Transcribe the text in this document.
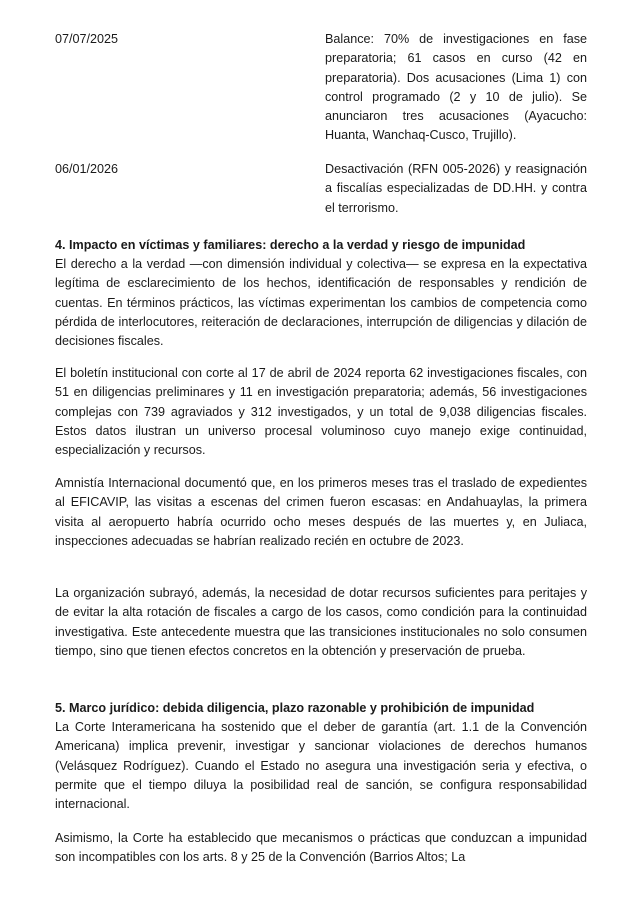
07/07/2025	Balance: 70% de investigaciones en fase preparatoria; 61 casos en curso (42 en preparatoria). Dos acusaciones (Lima 1) con control programado (2 y 10 de julio). Se anunciaron tres acusaciones (Ayacucho: Huanta, Wanchaq-Cusco, Trujillo).
06/01/2026	Desactivación (RFN 005-2026) y reasignación a fiscalías especializadas de DD.HH. y contra el terrorismo.
4. Impacto en víctimas y familiares: derecho a la verdad y riesgo de impunidad

El derecho a la verdad —con dimensión individual y colectiva— se expresa en la expectativa legítima de esclarecimiento de los hechos, identificación de responsables y rendición de cuentas. En términos prácticos, las víctimas experimentan los cambios de competencia como pérdida de interlocutores, reiteración de declaraciones, interrupción de diligencias y dilación de decisiones fiscales.

El boletín institucional con corte al 17 de abril de 2024 reporta 62 investigaciones fiscales, con 51 en diligencias preliminares y 11 en investigación preparatoria; además, 56 investigaciones complejas con 739 agraviados y 312 investigados, y un total de 9,038 diligencias fiscales. Estos datos ilustran un universo procesal voluminoso cuyo manejo exige continuidad, especialización y recursos.

Amnistía Internacional documentó que, en los primeros meses tras el traslado de expedientes al EFICAVIP, las visitas a escenas del crimen fueron escasas: en Andahuaylas, la primera visita al aeropuerto habría ocurrido ocho meses después de las muertes y, en Juliaca, inspecciones adecuadas se habrían realizado recién en octubre de 2023.

La organización subrayó, además, la necesidad de dotar recursos suficientes para peritajes y de evitar la alta rotación de fiscales a cargo de los casos, como condición para la continuidad investigativa. Este antecedente muestra que las transiciones institucionales no solo consumen tiempo, sino que tienen efectos concretos en la obtención y preservación de prueba.

5. Marco jurídico: debida diligencia, plazo razonable y prohibición de impunidad

La Corte Interamericana ha sostenido que el deber de garantía (art. 1.1 de la Convención Americana) implica prevenir, investigar y sancionar violaciones de derechos humanos (Velásquez Rodríguez). Cuando el Estado no asegura una investigación seria y efectiva, o permite que el tiempo diluya la posibilidad real de sanción, se configura responsabilidad internacional.

Asimismo, la Corte ha establecido que mecanismos o prácticas que conduzcan a impunidad son incompatibles con los arts. 8 y 25 de la Convención (Barrios Altos; La
